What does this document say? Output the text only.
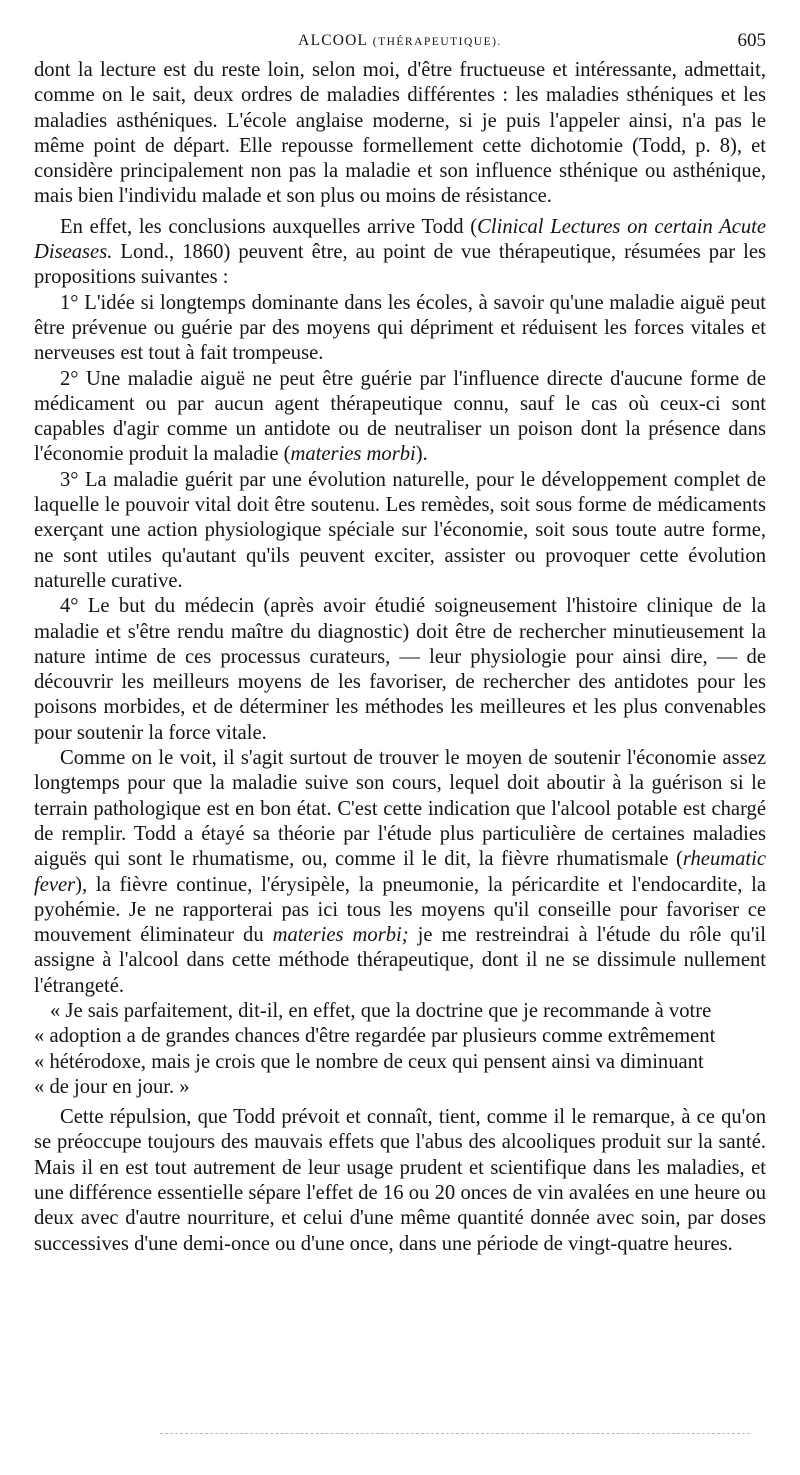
ALCOOL (THÉRAPEUTIQUE).	605

dont la lecture est du reste loin, selon moi, d'être fructueuse et intéressante, admettait, comme on le sait, deux ordres de maladies différentes : les maladies sthéniques et les maladies asthéniques. L'école anglaise moderne, si je puis l'appeler ainsi, n'a pas le même point de départ. Elle repousse formellement cette dichotomie (Todd, p. 8), et considère principalement non pas la maladie et son influence sthénique ou asthénique, mais bien l'individu malade et son plus ou moins de résistance.

En effet, les conclusions auxquelles arrive Todd (Clinical Lectures on certain Acute Diseases. Lond., 1860) peuvent être, au point de vue thérapeutique, résumées par les propositions suivantes :

1° L'idée si longtemps dominante dans les écoles, à savoir qu'une maladie aiguë peut être prévenue ou guérie par des moyens qui dépriment et réduisent les forces vitales et nerveuses est tout à fait trompeuse.

2° Une maladie aiguë ne peut être guérie par l'influence directe d'aucune forme de médicament ou par aucun agent thérapeutique connu, sauf le cas où ceux-ci sont capables d'agir comme un antidote ou de neutraliser un poison dont la présence dans l'économie produit la maladie (materies morbi).

3° La maladie guérit par une évolution naturelle, pour le développement complet de laquelle le pouvoir vital doit être soutenu. Les remèdes, soit sous forme de médicaments exerçant une action physiologique spéciale sur l'économie, soit sous toute autre forme, ne sont utiles qu'autant qu'ils peuvent exciter, assister ou provoquer cette évolution naturelle curative.

4° Le but du médecin (après avoir étudié soigneusement l'histoire clinique de la maladie et s'être rendu maître du diagnostic) doit être de rechercher minutieusement la nature intime de ces processus curateurs, — leur physiologie pour ainsi dire, — de découvrir les meilleurs moyens de les favoriser, de rechercher des antidotes pour les poisons morbides, et de déterminer les méthodes les meilleures et les plus convenables pour soutenir la force vitale.

Comme on le voit, il s'agit surtout de trouver le moyen de soutenir l'économie assez longtemps pour que la maladie suive son cours, lequel doit aboutir à la guérison si le terrain pathologique est en bon état. C'est cette indication que l'alcool potable est chargé de remplir. Todd a étayé sa théorie par l'étude plus particulière de certaines maladies aiguës qui sont le rhumatisme, ou, comme il le dit, la fièvre rhumatismale (rheumatic fever), la fièvre continue, l'érysipèle, la pneumonie, la péricardite et l'endocardite, la pyohémie. Je ne rapporterai pas ici tous les moyens qu'il conseille pour favoriser ce mouvement éliminateur du materies morbi; je me restreindrai à l'étude du rôle qu'il assigne à l'alcool dans cette méthode thérapeutique, dont il ne se dissimule nullement l'étrangeté.

« Je sais parfaitement, dit-il, en effet, que la doctrine que je recommande à votre
« adoption a de grandes chances d'être regardée par plusieurs comme extrêmement
« hétérodoxe, mais je crois que le nombre de ceux qui pensent ainsi va diminuant
« de jour en jour. »

Cette répulsion, que Todd prévoit et connaît, tient, comme il le remarque, à ce qu'on se préoccupe toujours des mauvais effets que l'abus des alcooliques produit sur la santé. Mais il en est tout autrement de leur usage prudent et scientifique dans les maladies, et une différence essentielle sépare l'effet de 16 ou 20 onces de vin avalées en une heure ou deux avec d'autre nourriture, et celui d'une même quantité donnée avec soin, par doses successives d'une demi-once ou d'une once, dans une période de vingt-quatre heures.
